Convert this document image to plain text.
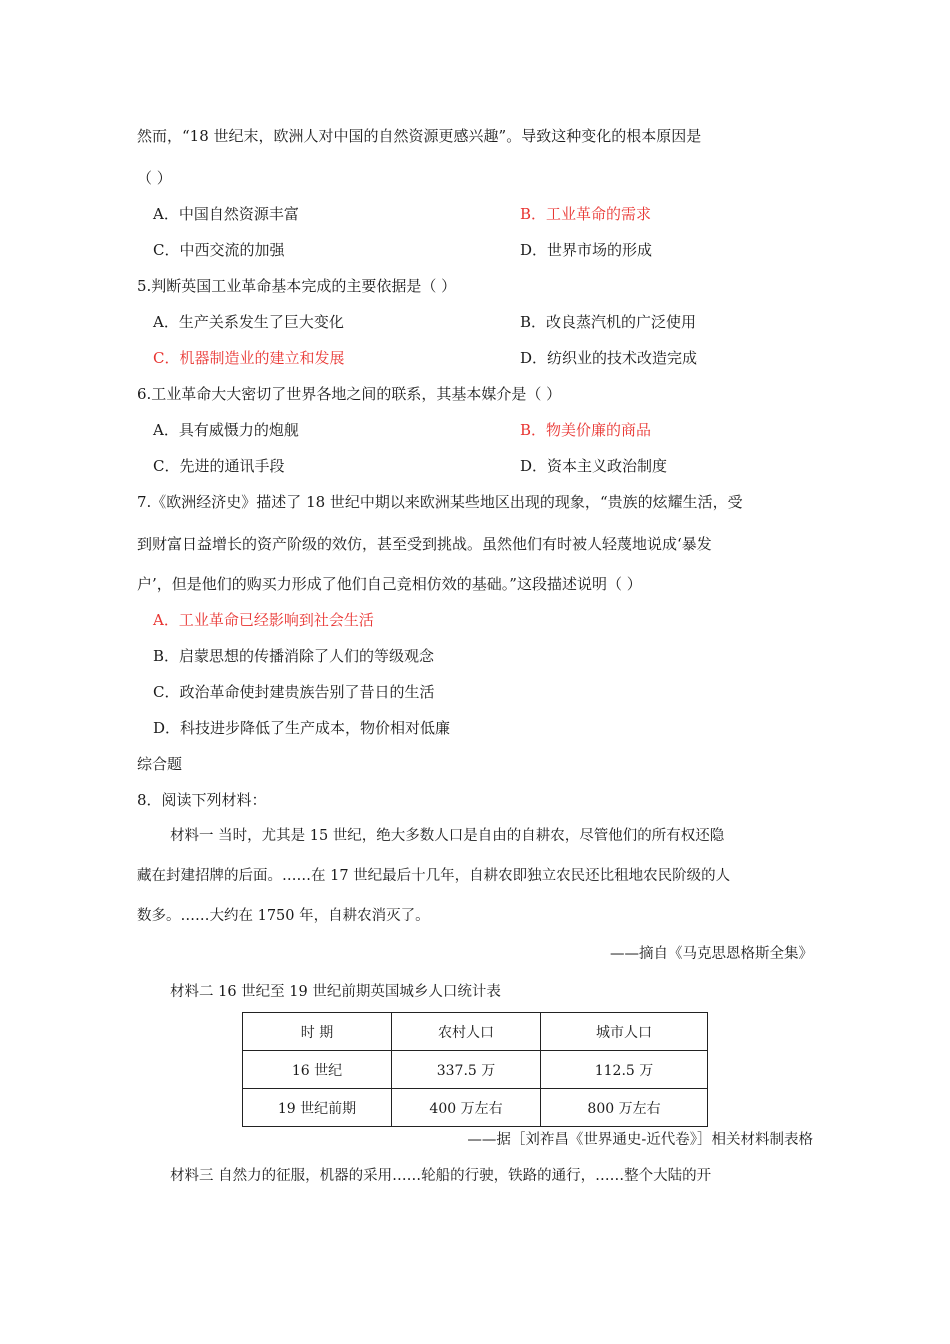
然而，“18 世纪末，欧洲人对中国的自然资源更感兴趣”。导致这种变化的根本原因是
（ ）
A．中国自然资源丰富	B．工业革命的需求
C．中西交流的加强	D．世界市场的形成
5.判断英国工业革命基本完成的主要依据是（ ）
A．生产关系发生了巨大变化	B．改良蒸汽机的广泛使用
C．机器制造业的建立和发展	D．纺织业的技术改造完成
6.工业革命大大密切了世界各地之间的联系，其基本媒介是（ ）
A．具有威慑力的炮舰	B．物美价廉的商品
C．先进的通讯手段	D．资本主义政治制度
7.《欧洲经济史》描述了 18 世纪中期以来欧洲某些地区出现的现象，“贵族的炫耀生活，受
到财富日益增长的资产阶级的效仿，甚至受到挑战。虽然他们有时被人轻蔑地说成‘暴发
户’，但是他们的购买力形成了他们自己竞相仿效的基础。”这段描述说明（ ）
A．工业革命已经影响到社会生活
B．启蒙思想的传播消除了人们的等级观念
C．政治革命使封建贵族告别了昔日的生活
D．科技进步降低了生产成本，物价相对低廉
综合题
8．阅读下列材料：
材料一 当时，尤其是 15 世纪，绝大多数人口是自由的自耕农，尽管他们的所有权还隐
藏在封建招牌的后面。……在 17 世纪最后十几年，自耕农即独立农民还比租地农民阶级的人
数多。……大约在 1750 年，自耕农消灭了。
——摘自《马克思恩格斯全集》
材料二 16 世纪至 19 世纪前期英国城乡人口统计表
时 期	农村人口	城市人口
16 世纪	337.5 万	112.5 万
19 世纪前期	400 万左右	800 万左右
——据［刘祚昌《世界通史-近代卷》］相关材料制表格
材料三 自然力的征服，机器的采用……轮船的行驶，铁路的通行，……整个大陆的开
